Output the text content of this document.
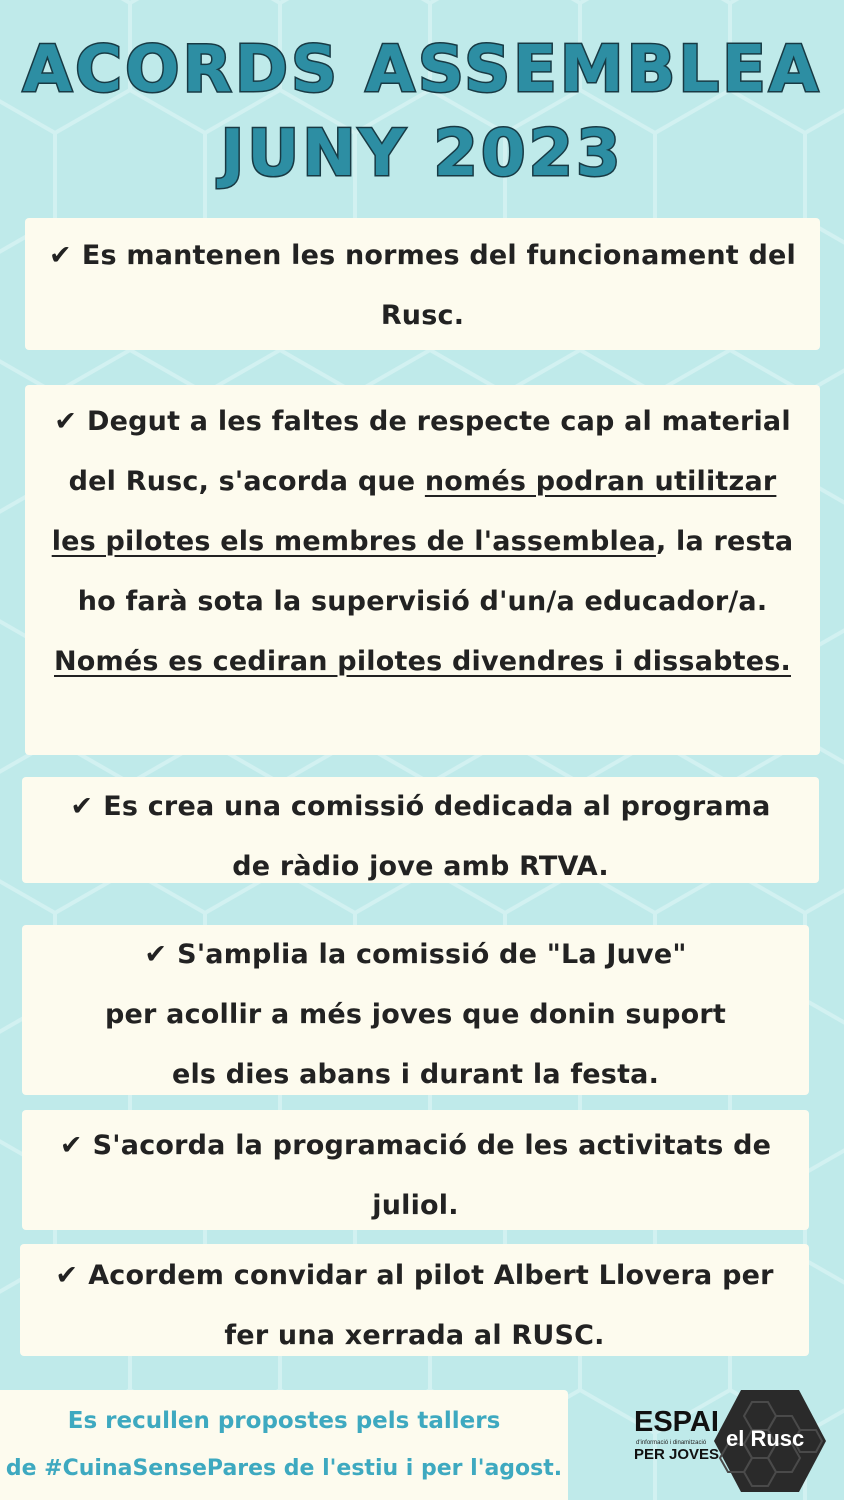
ACORDS ASSEMBLEA
JUNY 2023
✔ Es mantenen les normes del funcionament del
Rusc.
✔ Degut a les faltes de respecte cap al material
del Rusc, s'acorda que només podran utilitzar
les pilotes els membres de l'assemblea, la resta
ho farà sota la supervisió d'un/a educador/a.
Només es cediran pilotes divendres i dissabtes.
✔ Es crea una comissió dedicada al programa
de ràdio jove amb RTVA.
✔ S'amplia la comissió de "La Juve"
per acollir a més joves que donin suport
els dies abans i durant la festa.
✔ S'acorda la programació de les activitats de
juliol.
✔ Acordem convidar al pilot Albert Llovera per
fer una xerrada al RUSC.
Es recullen propostes pels tallers
de #CuinaSensePares de l'estiu i per l'agost.
ESPAI
d'informació i dinamització
PER JOVES
el Rusc
